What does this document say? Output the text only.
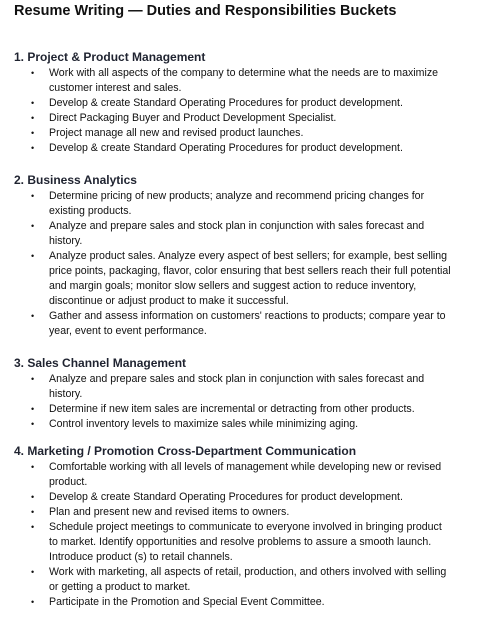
Resume Writing — Duties and Responsibilities Buckets
1. Project & Product Management
• Work with all aspects of the company to determine what the needs are to maximize customer interest and sales.
• Develop & create Standard Operating Procedures for product development.
• Direct Packaging Buyer and Product Development Specialist.
• Project manage all new and revised product launches.
• Develop & create Standard Operating Procedures for product development.
2. Business Analytics
• Determine pricing of new products; analyze and recommend pricing changes for existing products.
• Analyze and prepare sales and stock plan in conjunction with sales forecast and history.
• Analyze product sales. Analyze every aspect of best sellers; for example, best selling price points, packaging, flavor, color ensuring that best sellers reach their full potential and margin goals; monitor slow sellers and suggest action to reduce inventory, discontinue or adjust product to make it successful.
• Gather and assess information on customers' reactions to products; compare year to year, event to event performance.
3. Sales Channel Management
• Analyze and prepare sales and stock plan in conjunction with sales forecast and history.
• Determine if new item sales are incremental or detracting from other products.
• Control inventory levels to maximize sales while minimizing aging.
4. Marketing / Promotion Cross-Department Communication
• Comfortable working with all levels of management while developing new or revised product.
• Develop & create Standard Operating Procedures for product development.
• Plan and present new and revised items to owners.
• Schedule project meetings to communicate to everyone involved in bringing product to market. Identify opportunities and resolve problems to assure a smooth launch. Introduce product (s) to retail channels.
• Work with marketing, all aspects of retail, production, and others involved with selling or getting a product to market.
• Participate in the Promotion and Special Event Committee.
